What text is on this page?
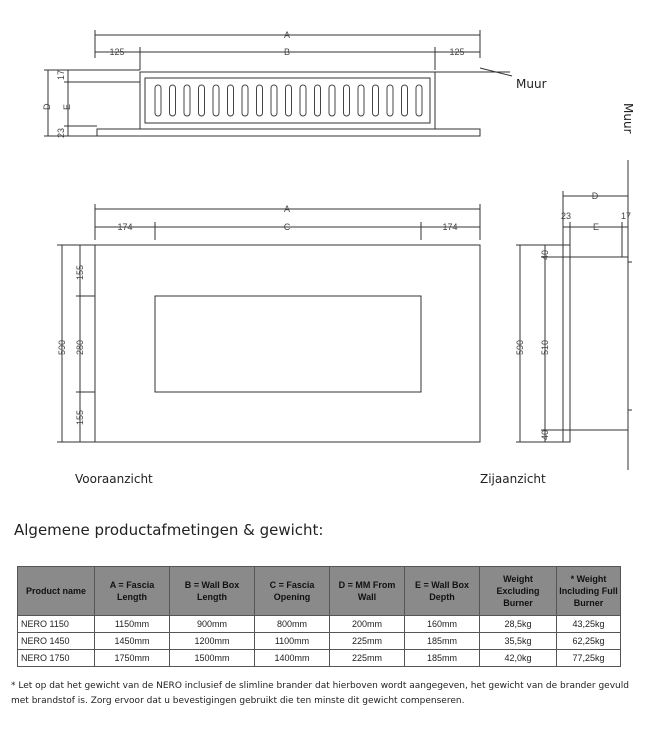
A
125	B	125
D E
17
23
A
174	C	174
155
280
155
590
D
23
E
17
590
40
510
40
Muur
Muur
Vooraanzicht	Zijaanzicht
Algemene productafmetingen & gewicht:
Product name	A = Fascia Length	B = Wall Box Length	C = Fascia Opening	D = MM From Wall	E = Wall Box Depth	Weight Excluding Burner	* Weight Including Full Burner
NERO 1150	1150mm	900mm	800mm	200mm	160mm	28,5kg	43,25kg
NERO 1450	1450mm	1200mm	1100mm	225mm	185mm	35,5kg	62,25kg
NERO 1750	1750mm	1500mm	1400mm	225mm	185mm	42,0kg	77,25kg

* Let op dat het gewicht van de NERO inclusief de slimline brander dat hierboven wordt aangegeven, het gewicht van de brander gevuld met brandstof is. Zorg ervoor dat u bevestigingen gebruikt die ten minste dit gewicht compenseren.
